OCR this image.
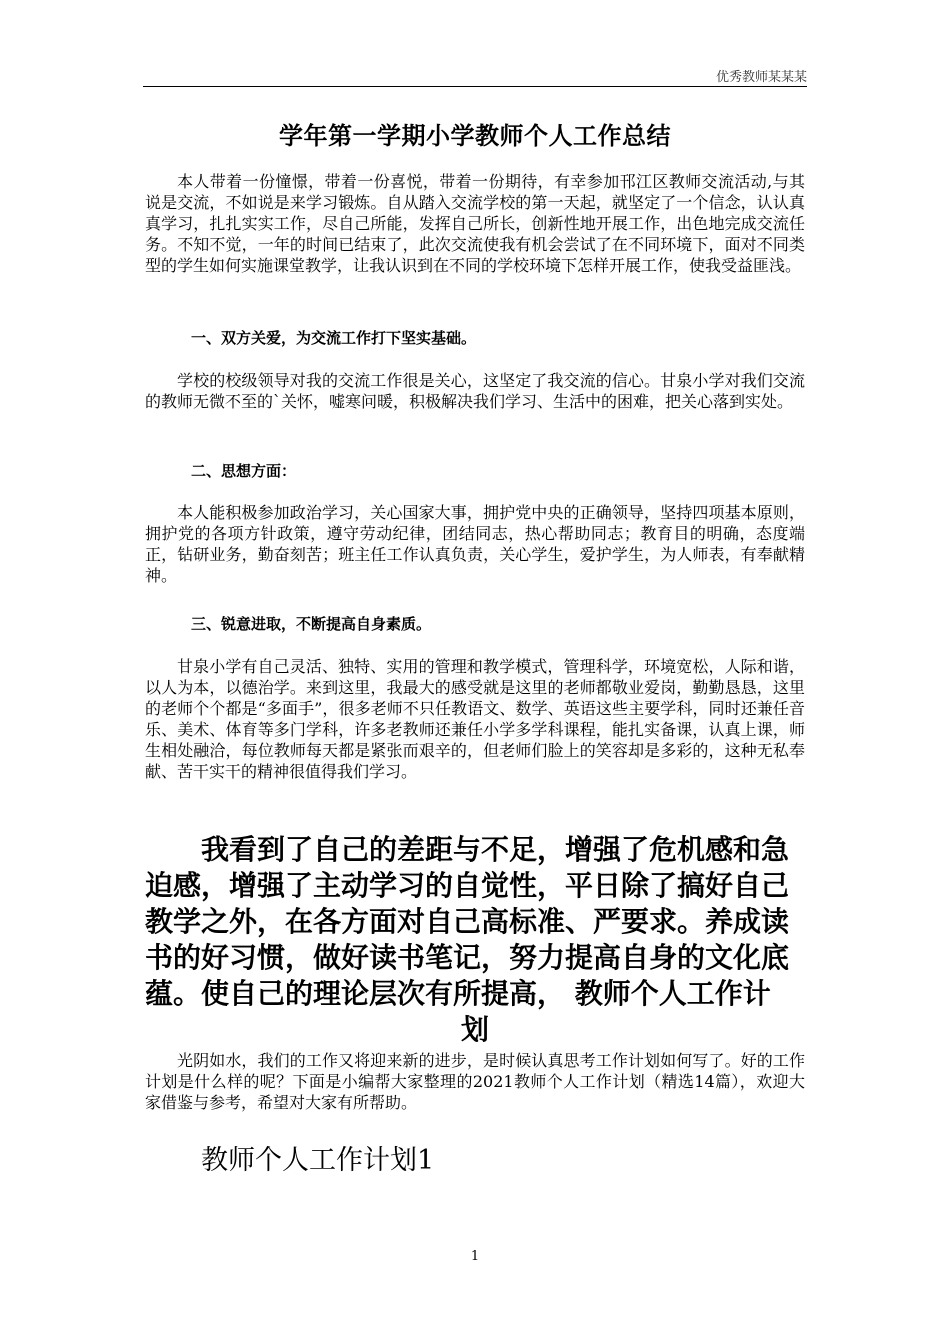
优秀教师某某某
学年第一学期小学教师个人工作总结
本人带着一份憧憬，带着一份喜悦，带着一份期待，有幸参加邗江区教师交流活动,与其说是交流，不如说是来学习锻炼。自从踏入交流学校的第一天起，就坚定了一个信念，认认真真学习，扎扎实实工作，尽自己所能，发挥自己所长，创新性地开展工作，出色地完成交流任务。不知不觉，一年的时间已结束了，此次交流使我有机会尝试了在不同环境下，面对不同类型的学生如何实施课堂教学，让我认识到在不同的学校环境下怎样开展工作，使我受益匪浅。
一、双方关爱，为交流工作打下坚实基础。
学校的校级领导对我的交流工作很是关心，这坚定了我交流的信心。甘泉小学对我们交流的教师无微不至的`关怀，嘘寒问暖，积极解决我们学习、生活中的困难，把关心落到实处。
二、思想方面：
本人能积极参加政治学习，关心国家大事，拥护党中央的正确领导，坚持四项基本原则，拥护党的各项方针政策，遵守劳动纪律，团结同志，热心帮助同志；教育目的明确，态度端正，钻研业务，勤奋刻苦；班主任工作认真负责，关心学生，爱护学生，为人师表，有奉献精神。
三、锐意进取，不断提高自身素质。
甘泉小学有自己灵活、独特、实用的管理和教学模式，管理科学，环境宽松，人际和谐，以人为本，以德治学。来到这里，我最大的感受就是这里的老师都敬业爱岗，勤勤恳恳，这里的老师个个都是“多面手”，很多老师不只任教语文、数学、英语这些主要学科，同时还兼任音乐、美术、体育等多门学科，许多老教师还兼任小学多学科课程，能扎实备课，认真上课，师生相处融洽，每位教师每天都是紧张而艰辛的，但老师们脸上的笑容却是多彩的，这种无私奉献、苦干实干的精神很值得我们学习。
我看到了自己的差距与不足，增强了危机感和急迫感，增强了主动学习的自觉性，平日除了搞好自己教学之外，在各方面对自己高标准、严要求。养成读书的好习惯，做好读书笔记，努力提高自身的文化底蕴。使自己的理论层次有所提高， 教师个人工作计
划
光阴如水，我们的工作又将迎来新的进步，是时候认真思考工作计划如何写了。好的工作计划是什么样的呢？下面是小编帮大家整理的2021教师个人工作计划（精选14篇），欢迎大家借鉴与参考，希望对大家有所帮助。
教师个人工作计划1
1
